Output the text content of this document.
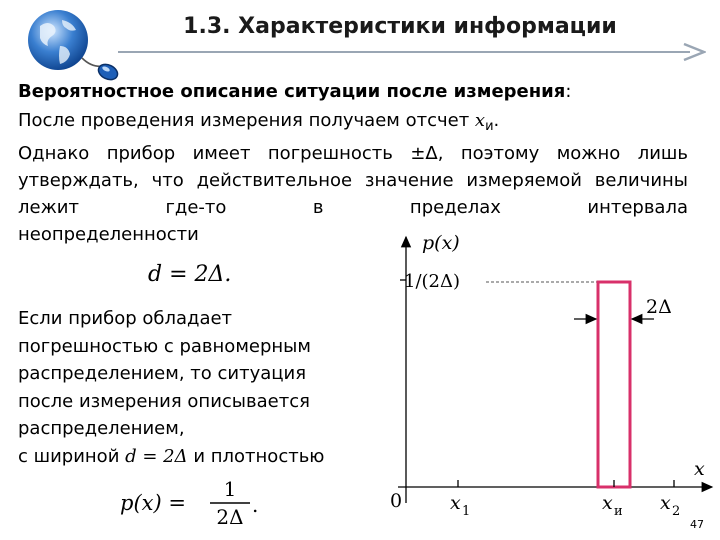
1.3. Характеристики информации
Вероятностное описание ситуации после измерения:
После проведения измерения получаем отсчет $x_и$.
Однако прибор имеет погрешность ±Δ, поэтому можно лишь утверждать, что действительное значение измеряемой величины лежит где-то в пределах интервала
неопределенности
d = 2Δ.
Если прибор обладает
погрешностью с равномерным
распределением, то ситуация
после измерения описывается
распределением,
с шириной d = 2Δ и плотностью
p(x) =
1
2Δ .
p(x)
x
1/(2Δ)
2Δ
0	x 1	x и x 2
47
